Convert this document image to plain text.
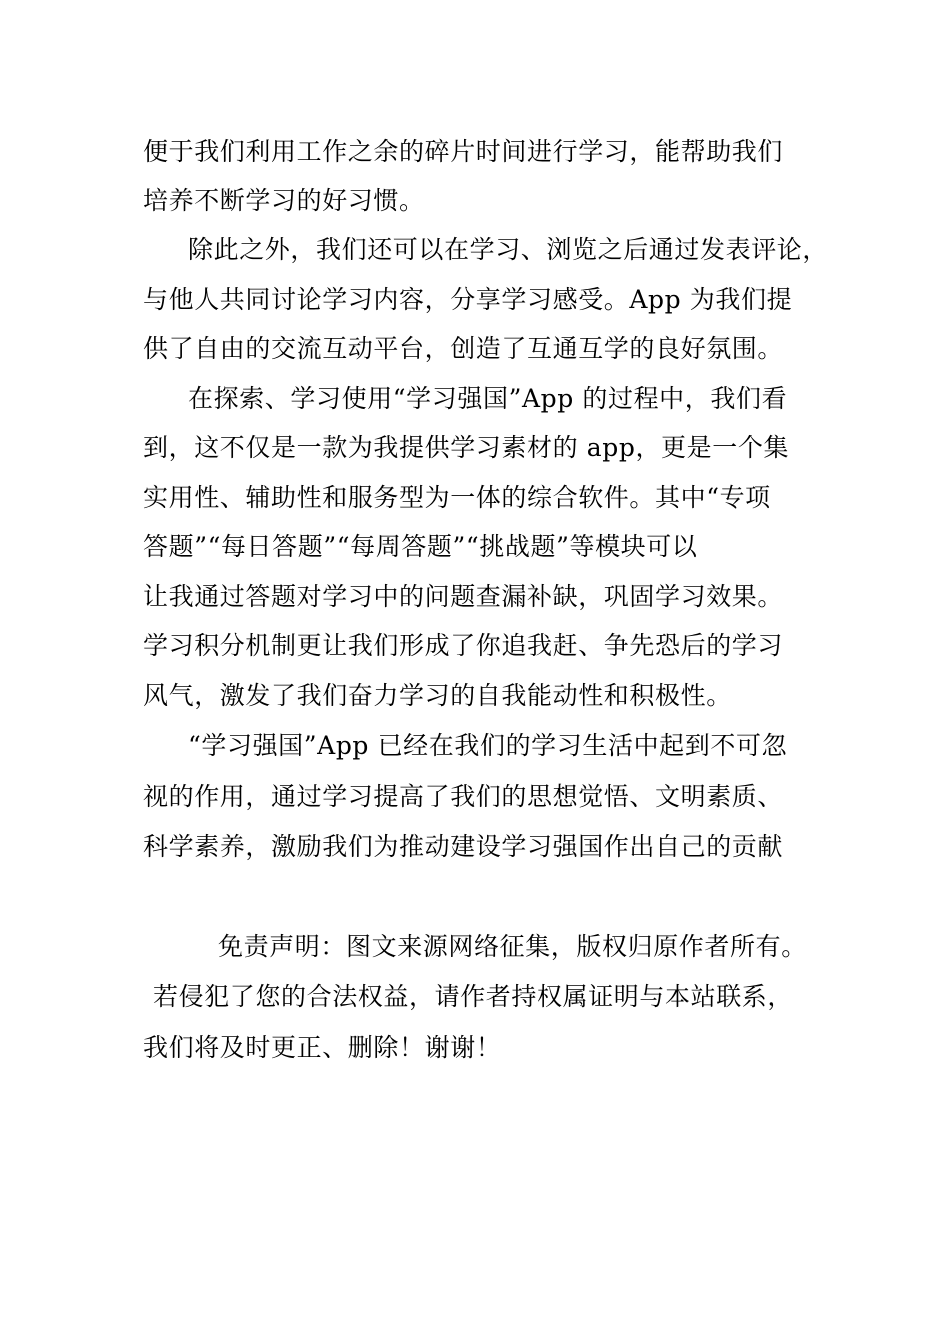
便于我们利用工作之余的碎片时间进行学习，能帮助我们
培养不断学习的好习惯。
除此之外，我们还可以在学习、浏览之后通过发表评论，
与他人共同讨论学习内容，分享学习感受。App 为我们提
供了自由的交流互动平台，创造了互通互学的良好氛围。
在探索、学习使用“学习强国”App 的过程中，我们看
到，这不仅是一款为我提供学习素材的 app，更是一个集
实用性、辅助性和服务型为一体的综合软件。其中“专项
答题”“每日答题”“每周答题”“挑战题”等模块可以
让我通过答题对学习中的问题查漏补缺，巩固学习效果。
学习积分机制更让我们形成了你追我赶、争先恐后的学习
风气，激发了我们奋力学习的自我能动性和积极性。
“学习强国”App 已经在我们的学习生活中起到不可忽
视的作用，通过学习提高了我们的思想觉悟、文明素质、
科学素养，激励我们为推动建设学习强国作出自己的贡献
免责声明：图文来源网络征集，版权归原作者所有。
若侵犯了您的合法权益，请作者持权属证明与本站联系，
我们将及时更正、删除！谢谢！
